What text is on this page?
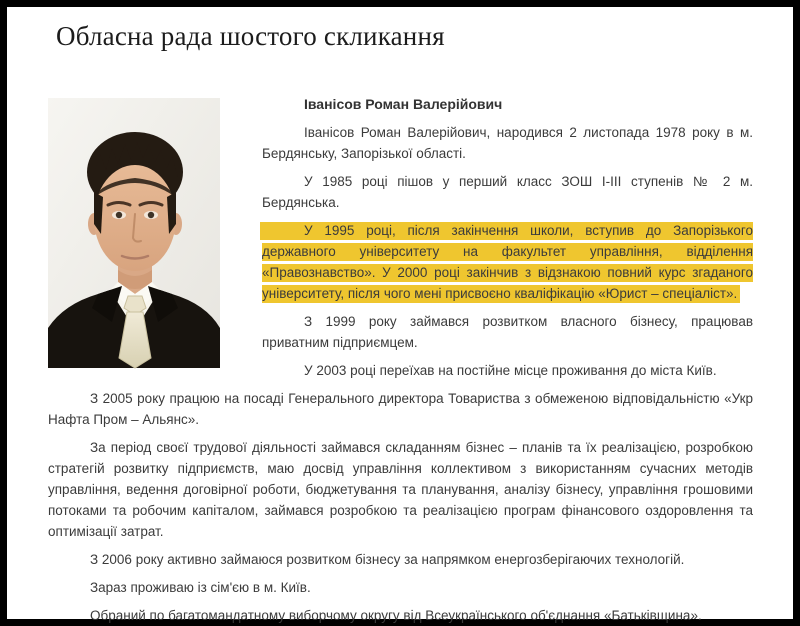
Обласна рада шостого скликання
Іванісов Роман Валерійович

Іванісов Роман Валерійович, народився 2 листопада 1978 року в м. Бердянську, Запорізької області.

У 1985 році пішов у перший класс ЗОШ І-ІІІ ступенів № 2 м. Бердянська.

У 1995 році, після закінчення школи, вступив до Запорізького державного університету на факультет управління, відділення «Правознавство». У 2000 році закінчив з відзнакою повний курс згаданого університету, після чого мені присвоєно кваліфікацію «Юрист – спеціаліст».

З 1999 року займався розвитком власного бізнесу, працював приватним підприємцем.

У 2003 році переїхав на постійне місце проживання до міста Київ.

З 2005 року працюю на посаді Генерального директора Товариства з обмеженою відповідальністю «Укр Нафта Пром – Альянс».

За період своєї трудової діяльності займався складанням бізнес – планів та їх реалізацією, розробкою стратегій розвитку підприємств, маю досвід управління коллективом з використанням сучасних методів управління, ведення договірної роботи, бюджетування та планування, аналізу бізнесу, управління грошовими потоками та робочим капіталом, займався розробкою та реалізацією програм фінансового оздоровлення та оптимізації затрат.

З 2006 року активно займаюся розвитком бізнесу за напрямком енергозберігаючих технологій.

Зараз проживаю із сім'єю в м. Київ.

Обраний по багатомандатному виборчому округу від Всеукраїнського об'єднання «Батьківщина».
